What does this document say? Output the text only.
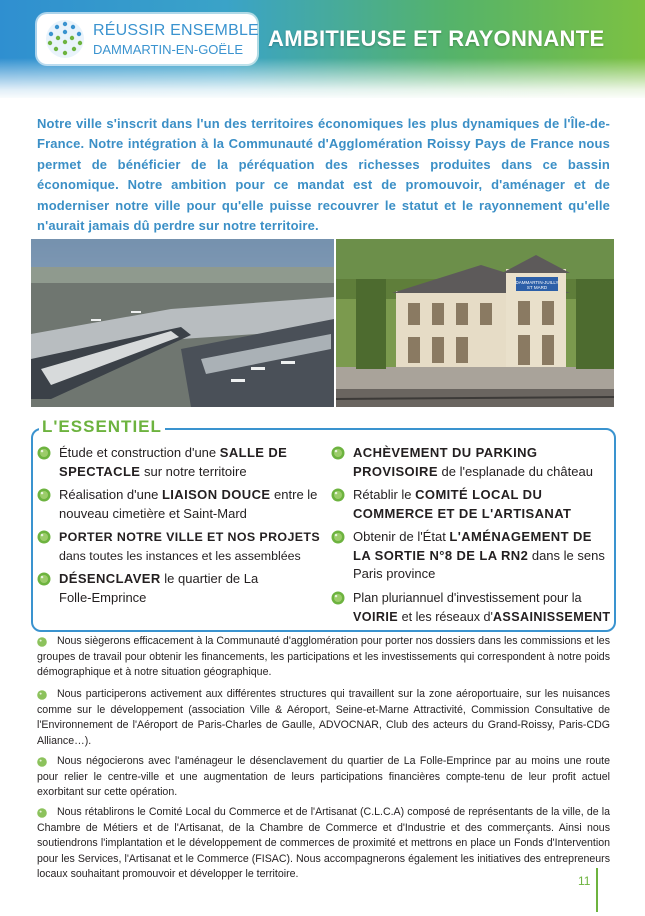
RÉUSSIR ENSEMBLE
DAMMARTIN-EN-GOËLE AMBITIEUSE ET RAYONNANTE
Notre ville s'inscrit dans l'un des territoires économiques les plus dynamiques de l'Île-de-France. Notre intégration à la Communauté d'Agglomération Roissy Pays de France nous permet de bénéficier de la péréquation des richesses produites dans ce bassin économique. Notre ambition pour ce mandat est de promouvoir, d'aménager et de moderniser notre ville pour qu'elle puisse recouvrer le statut et le rayonnement qu'elle n'aurait jamais dû perdre sur notre territoire.
DAMMARTIN-JUILLY
ST MARD
L'ESSENTIEL
Étude et construction d'une SALLE DE SPECTACLE sur notre territoire
Réalisation d'une LIAISON DOUCE entre le nouveau cimetière et Saint-Mard
PORTER NOTRE VILLE ET NOS PROJETS dans toutes les instances et les assemblées
DÉSENCLAVER le quartier de La Folle-Emprince
ACHÈVEMENT DU PARKING PROVISOIRE de l'esplanade du château
Rétablir le COMITÉ LOCAL DU COMMERCE ET DE L'ARTISANAT
Obtenir de l'État L'AMÉNAGEMENT DE LA SORTIE N°8 DE LA RN2 dans le sens Paris province
Plan pluriannuel d'investissement pour la VOIRIE et les réseaux d'ASSAINISSEMENT
Nous siègerons efficacement à la Communauté d'agglomération pour porter nos dossiers dans les commissions et les groupes de travail pour obtenir les financements, les participations et les investissements qui correspondent à notre poids démographique et à notre situation géographique.
Nous participerons activement aux différentes structures qui travaillent sur la zone aéroportuaire, sur les nuisances comme sur le développement (association Ville & Aéroport, Seine-et-Marne Attractivité, Commission Consultative de l'Environnement de l'Aéroport de Paris-Charles de Gaulle, ADVOCNAR, Club des acteurs du Grand-Roissy, Paris-CDG Alliance…).
Nous négocierons avec l'aménageur le désenclavement du quartier de La Folle-Emprince par au moins une route pour relier le centre-ville et une augmentation de leurs participations financières compte-tenu de leur profit actuel exorbitant sur cette opération.
Nous rétablirons le Comité Local du Commerce et de l'Artisanat (C.L.C.A) composé de représentants de la ville, de la Chambre de Métiers et de l'Artisanat, de la Chambre de Commerce et d'Industrie et des commerçants. Ainsi nous soutiendrons l'implantation et le développement de commerces de proximité et mettrons en place un Fonds d'Intervention pour les Services, l'Artisanat et le Commerce (FISAC). Nous accompagnerons également les initiatives des entrepreneurs locaux souhaitant promouvoir et développer le territoire.	11
